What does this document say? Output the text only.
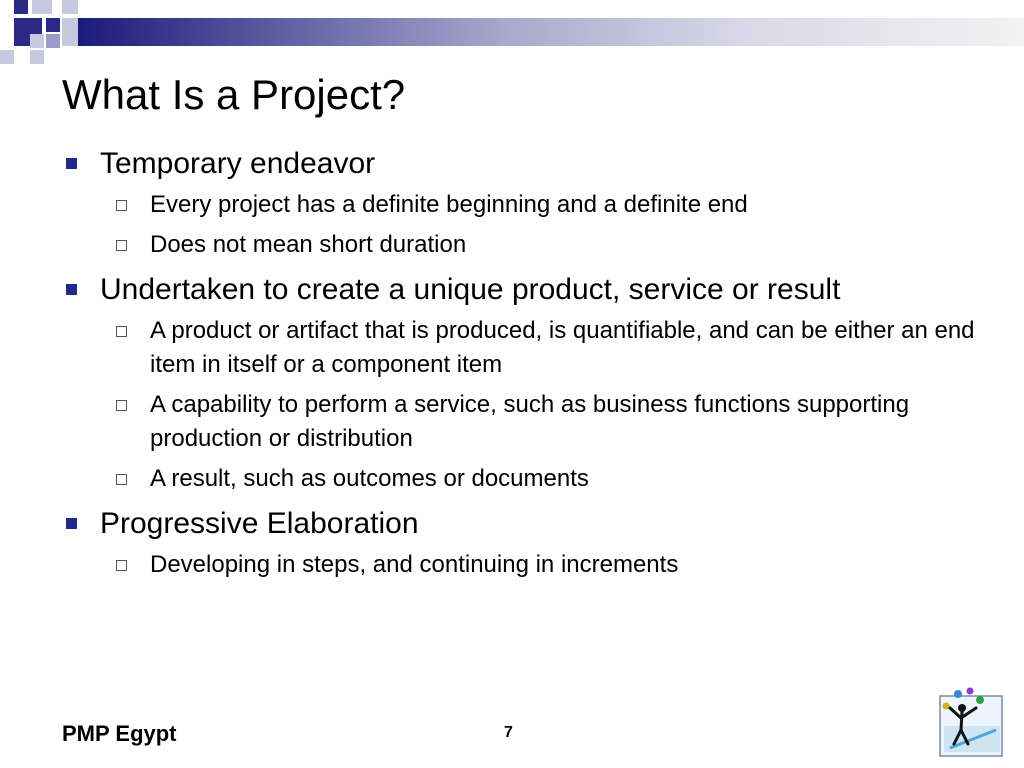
What Is a Project?
Temporary endeavor
Every project has a definite beginning and a definite end
Does not mean short duration
Undertaken to create a unique product, service or result
A product or artifact that is produced, is quantifiable, and can be either an end item in itself or a component item
A capability to perform a service, such as business functions supporting production or distribution
A result, such as outcomes or documents
Progressive Elaboration
Developing in steps, and continuing in increments
PMP Egypt	7
